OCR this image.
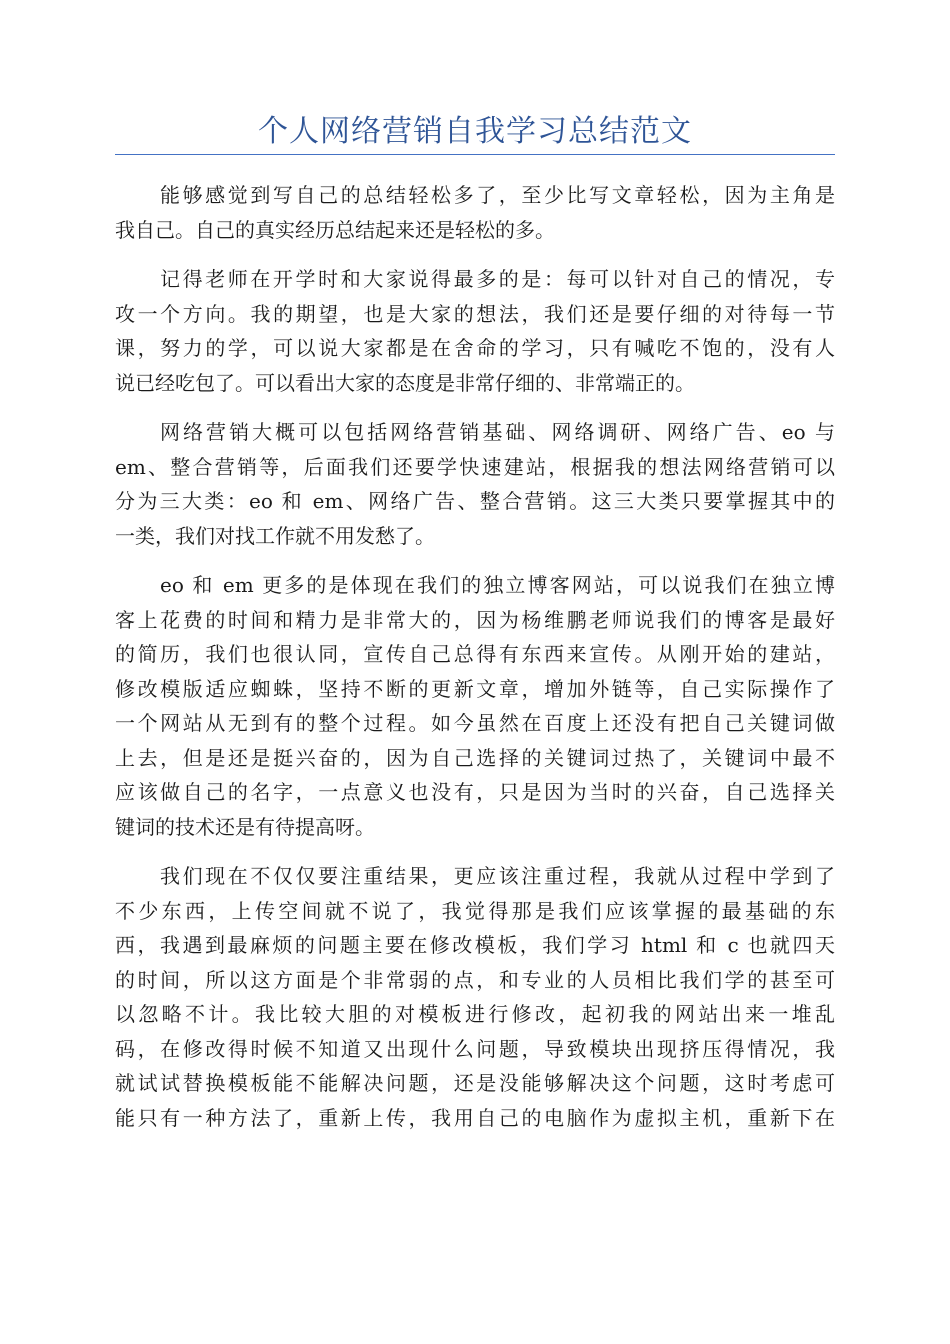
个人网络营销自我学习总结范文

能够感觉到写自己的总结轻松多了，至少比写文章轻松，因为主角是
我自己。自己的真实经历总结起来还是轻松的多。

记得老师在开学时和大家说得最多的是：每可以针对自己的情况，专
攻一个方向。我的期望，也是大家的想法，我们还是要仔细的对待每一节
课，努力的学，可以说大家都是在舍命的学习，只有喊吃不饱的，没有人
说已经吃包了。可以看出大家的态度是非常仔细的、非常端正的。

网络营销大概可以包括网络营销基础、网络调研、网络广告、eo 与
em、整合营销等，后面我们还要学快速建站，根据我的想法网络营销可以
分为三大类：eo 和 em、网络广告、整合营销。这三大类只要掌握其中的
一类，我们对找工作就不用发愁了。

eo 和 em 更多的是体现在我们的独立博客网站，可以说我们在独立博
客上花费的时间和精力是非常大的，因为杨维鹏老师说我们的博客是最好
的简历，我们也很认同，宣传自己总得有东西来宣传。从刚开始的建站，
修改模版适应蜘蛛，坚持不断的更新文章，增加外链等，自己实际操作了
一个网站从无到有的整个过程。如今虽然在百度上还没有把自己关键词做
上去，但是还是挺兴奋的，因为自己选择的关键词过热了，关键词中最不
应该做自己的名字，一点意义也没有，只是因为当时的兴奋，自己选择关
键词的技术还是有待提高呀。

我们现在不仅仅要注重结果，更应该注重过程，我就从过程中学到了
不少东西，上传空间就不说了，我觉得那是我们应该掌握的最基础的东
西，我遇到最麻烦的问题主要在修改模板，我们学习 html 和 c 也就四天
的时间，所以这方面是个非常弱的点，和专业的人员相比我们学的甚至可
以忽略不计。我比较大胆的对模板进行修改，起初我的网站出来一堆乱
码，在修改得时候不知道又出现什么问题，导致模块出现挤压得情况，我
就试试替换模板能不能解决问题，还是没能够解决这个问题，这时考虑可
能只有一种方法了，重新上传，我用自己的电脑作为虚拟主机，重新下在
